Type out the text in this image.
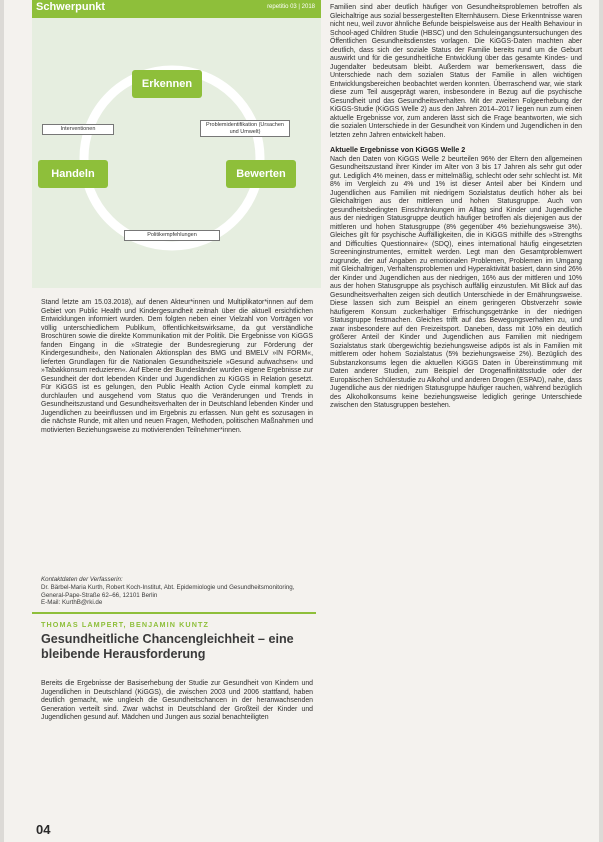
Schwerpunkt	repetitio 03 | 2018
Erkennen
Handeln	Bewerten
Interventionen
Problemidentifikation (Ursachen und Umwelt)
Politikempfehlungen

Stand letzte am 15.03.2018), auf denen Akteur*innen und Multiplikator*innen auf dem Gebiet von Public Health und Kindergesundheit zeitnah über die aktuell ersichtlichen Entwicklungen informiert wurden. Dem folgten neben einer Vielzahl von Vorträgen vor völlig unterschiedlichem Publikum, öffentlichkeitswirksame, da gut verständliche Broschüren sowie die direkte Kommunikation mit der Politik. Die Ergebnisse von KiGGS fanden Eingang in die »Strategie der Bundesregierung zur Förderung der Kindergesundheit«, den Nationalen Aktionsplan des BMG und BMELV »IN FORM«, lieferten Grundlagen für die Nationalen Gesundheitsziele »Gesund aufwachsen« und »Tabakkonsum reduzieren«. Auf Ebene der Bundesländer wurden eigene Ergebnisse zur Gesundheit der dort lebenden Kinder und Jugendlichen zu KiGGS in Relation gesetzt. Für KiGGS ist es gelungen, den Public Health Action Cycle einmal komplett zu durchlaufen und ausgehend vom Status quo die Veränderungen und Trends in Gesundheitszustand und Gesundheitsverhalten der in Deutschland lebenden Kinder und Jugendlichen zu beeinflussen und im Ergebnis zu erfassen. Nun geht es sozusagen in die nächste Runde, mit alten und neuen Fragen, Methoden, politischen Maßnahmen und motivierten Beziehungsweise zu motivierenden Teilnehmer*innen.

Kontaktdaten der Verfasserin:
Dr. Bärbel-Maria Kurth, Robert Koch-Institut, Abt. Epidemiologie und Gesundheitsmonitoring, General-Pape-Straße 62–66, 12101 Berlin
E-Mail: KurthB@rki.de
THOMAS LAMPERT, BENJAMIN KUNTZ
Gesundheitliche Chancengleichheit – eine bleibende Herausforderung
Bereits die Ergebnisse der Basiserhebung der Studie zur Gesundheit von Kindern und Jugendlichen in Deutschland (KiGGS), die zwischen 2003 und 2006 stattfand, haben deutlich gemacht, wie ungleich die Gesundheitschancen in der heranwachsenden Generation verteilt sind. Zwar wächst in Deutschland der Großteil der Kinder und Jugendlichen gesund auf. Mädchen und Jungen aus sozial benachteiligten

Familien sind aber deutlich häufiger von Gesundheitsproblemen betroffen als Gleichaltrige aus sozial bessergestellten Elternhäusern. Diese Erkenntnisse waren nicht neu, weil zuvor ähnliche Befunde beispielsweise aus der Health Behaviour in School-aged Children Studie (HBSC) und den Schuleingangsuntersuchungen des Öffentlichen Gesundheitsdienstes vorlagen. Die KiGGS-Daten machten aber deutlich, dass sich der soziale Status der Familie bereits rund um die Geburt auswirkt und für die gesundheitliche Entwicklung über das gesamte Kindes- und Jugendalter bedeutsam bleibt. Außerdem war bemerkenswert, dass die Unterschiede nach dem sozialen Status der Familie in allen wichtigen Entwicklungsbereichen beobachtet werden konnten. Überraschend war, wie stark diese zum Teil ausgeprägt waren, insbesondere in Bezug auf die psychische Gesundheit und das Gesundheitsverhalten. Mit der zweiten Folgeerhebung der KiGGS-Studie (KiGGS Welle 2) aus den Jahren 2014–2017 liegen nun zum einen aktuelle Ergebnisse vor, zum anderen lässt sich die Frage beantworten, wie sich die sozialen Unterschiede in der Gesundheit von Kindern und Jugendlichen in den letzten zehn Jahren entwickelt haben.

Aktuelle Ergebnisse von KiGGS Welle 2

Nach den Daten von KiGGS Welle 2 beurteilen 96% der Eltern den allgemeinen Gesundheitszustand ihrer Kinder im Alter von 3 bis 17 Jahren als sehr gut oder gut. Lediglich 4% meinen, dass er mittelmäßig, schlecht oder sehr schlecht ist. Mit 8% im Vergleich zu 4% und 1% ist dieser Anteil aber bei Kindern und Jugendlichen aus Familien mit niedrigem Sozialstatus deutlich höher als bei Gleichaltrigen aus der mittleren und hohen Statusgruppe. Auch von gesundheitsbedingten Einschränkungen im Alltag sind Kinder und Jugendliche aus der niedrigen Statusgruppe deutlich häufiger betroffen als diejenigen aus der mittleren und hohen Statusgruppe (8% gegenüber 4% beziehungsweise 3%). Gleiches gilt für psychische Auffälligkeiten, die in KiGGS mithilfe des »Strengths and Difficulties Questionnaire« (SDQ), eines international häufig eingesetzten Screeninginstrumentes, ermittelt werden. Legt man den Gesamtproblemwert zugrunde, der auf Angaben zu emotionalen Problemen, Problemen im Umgang mit Gleichaltrigen, Verhaltensproblemen und Hyperaktivität basiert, dann sind 26% der Kinder und Jugendlichen aus der niedrigen, 16% aus der mittleren und 10% aus der hohen Statusgruppe als psychisch auffällig einzustufen. Mit Blick auf das Gesundheitsverhalten zeigen sich deutlich Unterschiede in der Ernährungsweise. Diese lassen sich zum Beispiel an einem geringeren Obstverzehr sowie häufigerem Konsum zuckerhaltiger Erfrischungsgetränke in der niedrigen Statusgruppe festmachen. Gleiches trifft auf das Bewegungsverhalten zu, und zwar insbesondere auf den Freizeitsport. Daneben, dass mit 10% ein deutlich größerer Anteil der Kinder und Jugendlichen aus Familien mit niedrigem Sozialstatus stark übergewichtig beziehungsweise adipös ist als in Familien mit mittlerem oder hohem Sozialstatus (5% beziehungsweise 2%). Bezüglich des Substanzkonsums legen die aktuellen KiGGS Daten in Übereinstimmung mit Daten anderer Studien, zum Beispiel der Drogenaffinitätsstudie oder der Europäischen Schülerstudie zu Alkohol und anderen Drogen (ESPAD), nahe, dass Jugendliche aus der niedrigen Statusgruppe häufiger rauchen, während bezüglich des Alkoholkonsums keine beziehungsweise lediglich geringe Unterschiede zwischen den Statusgruppen bestehen.

04
